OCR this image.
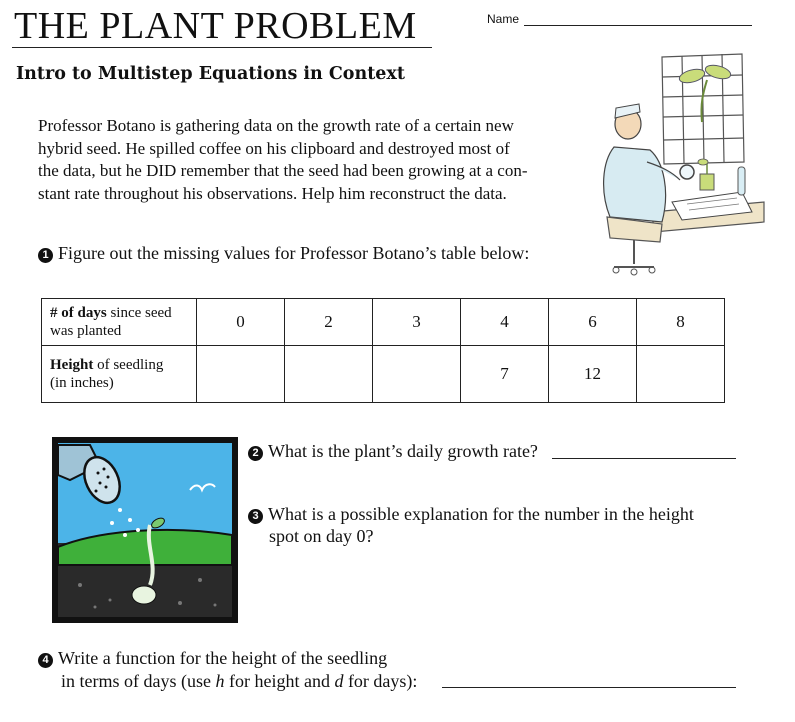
THE PLANT PROBLEM	Name
Intro to Multistep Equations in Context
Professor Botano is gathering data on the growth rate of a certain new
hybrid seed. He spilled coffee on his clipboard and destroyed most of
the data, but he DID remember that the seed had been growing at a con-
stant rate throughout his observations. Help him reconstruct the data.
1 Figure out the missing values for Professor Botano’s table below:
# of days since seed
was planted	0	2	3	4	6	8
Height of seedling
(in inches)				7	12	
2 What is the plant’s daily growth rate?
3 What is a possible explanation for the number in the height
spot on day 0?
4 Write a function for the height of the seedling
in terms of days (use h for height and d for days):
